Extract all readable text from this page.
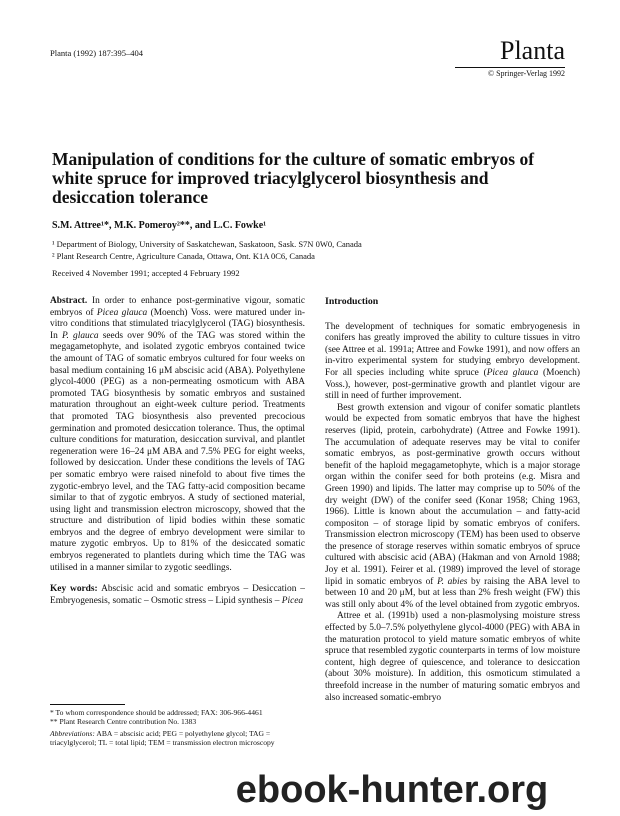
Planta (1992) 187:395–404	Planta
© Springer-Verlag 1992
Manipulation of conditions for the culture of somatic embryos of white spruce for improved triacylglycerol biosynthesis and desiccation tolerance
S.M. Attree¹*, M.K. Pomeroy²**, and L.C. Fowke¹
¹ Department of Biology, University of Saskatchewan, Saskatoon, Sask. S7N 0W0, Canada
² Plant Research Centre, Agriculture Canada, Ottawa, Ont. K1A 0C6, Canada
Received 4 November 1991; accepted 4 February 1992

Abstract. In order to enhance post-germinative vigour, somatic embryos of Picea glauca (Moench) Voss. were matured under in-vitro conditions that stimulated triacylglycerol (TAG) biosynthesis. In P. glauca seeds over 90% of the TAG was stored within the megagametophyte, and isolated zygotic embryos contained twice the amount of TAG of somatic embryos cultured for four weeks on basal medium containing 16 μM abscisic acid (ABA). Polyethylene glycol-4000 (PEG) as a non-permeating osmoticum with ABA promoted TAG biosynthesis by somatic embryos and sustained maturation throughout an eight-week culture period. Treatments that promoted TAG biosynthesis also prevented precocious germination and promoted desiccation tolerance. Thus, the optimal culture conditions for maturation, desiccation survival, and plantlet regeneration were 16–24 μM ABA and 7.5% PEG for eight weeks, followed by desiccation. Under these conditions the levels of TAG per somatic embryo were raised ninefold to about five times the zygotic-embryo level, and the TAG fatty-acid composition became similar to that of zygotic embryos. A study of sectioned material, using light and transmission electron microscopy, showed that the structure and distribution of lipid bodies within these somatic embryos and the degree of embryo development were similar to mature zygotic embryos. Up to 81% of the desiccated somatic embryos regenerated to plantlets during which time the TAG was utilised in a manner similar to zygotic seedlings.

Key words: Abscisic acid and somatic embryos – Desiccation – Embryogenesis, somatic – Osmotic stress – Lipid synthesis – Picea

* To whom correspondence should be addressed; FAX: 306-966-4461

** Plant Research Centre contribution No. 1383

Abbreviations: ABA = abscisic acid; PEG = polyethylene glycol; TAG = triacylglycerol; TL = total lipid; TEM = transmission electron microscopy

Introduction

The development of techniques for somatic embryogenesis in conifers has greatly improved the ability to culture tissues in vitro (see Attree et al. 1991a; Attree and Fowke 1991), and now offers an in-vitro experimental system for studying embryo development. For all species including white spruce (Picea glauca (Moench) Voss.), however, post-germinative growth and plantlet vigour are still in need of further improvement.

Best growth extension and vigour of conifer somatic plantlets would be expected from somatic embryos that have the highest reserves (lipid, protein, carbohydrate) (Attree and Fowke 1991). The accumulation of adequate reserves may be vital to conifer somatic embryos, as post-germinative growth occurs without benefit of the haploid megagametophyte, which is a major storage organ within the conifer seed for both proteins (e.g. Misra and Green 1990) and lipids. The latter may comprise up to 50% of the dry weight (DW) of the conifer seed (Konar 1958; Ching 1963, 1966). Little is known about the accumulation – and fatty-acid compositon – of storage lipid by somatic embryos of conifers. Transmission electron microscopy (TEM) has been used to observe the presence of storage reserves within somatic embryos of spruce cultured with abscisic acid (ABA) (Hakman and von Arnold 1988; Joy et al. 1991). Feirer et al. (1989) improved the level of storage lipid in somatic embryos of P. abies by raising the ABA level to between 10 and 20 μM, but at less than 2% fresh weight (FW) this was still only about 4% of the level obtained from zygotic embryos.

Attree et al. (1991b) used a non-plasmolysing moisture stress effected by 5.0–7.5% polyethylene glycol-4000 (PEG) with ABA in the maturation protocol to yield mature somatic embryos of white spruce that resembled zygotic counterparts in terms of low moisture content, high degree of quiescence, and tolerance to desiccation (about 30% moisture). In addition, this osmoticum stimulated a threefold increase in the number of maturing somatic embryos and also increased somatic-embryo

ebook-hunter.org
